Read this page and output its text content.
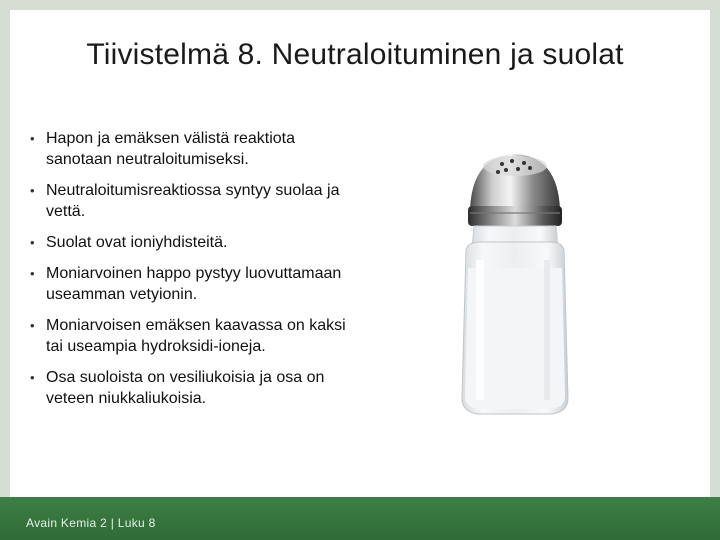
Tiivistelmä 8. Neutraloituminen ja suolat
• Hapon ja emäksen välistä reaktiota sanotaan neutraloitumiseksi.
• Neutraloitumisreaktiossa syntyy suolaa ja vettä.
• Suolat ovat ioniyhdisteitä.
• Moniarvoinen happo pystyy luovuttamaan useamman vetyionin.
• Moniarvoisen emäksen kaavassa on kaksi tai useampia hydroksidi-ioneja.
• Osa suoloista on vesiliukoisia ja osa on veteen niukkaliukoisia.
Avain Kemia 2 | Luku 8
